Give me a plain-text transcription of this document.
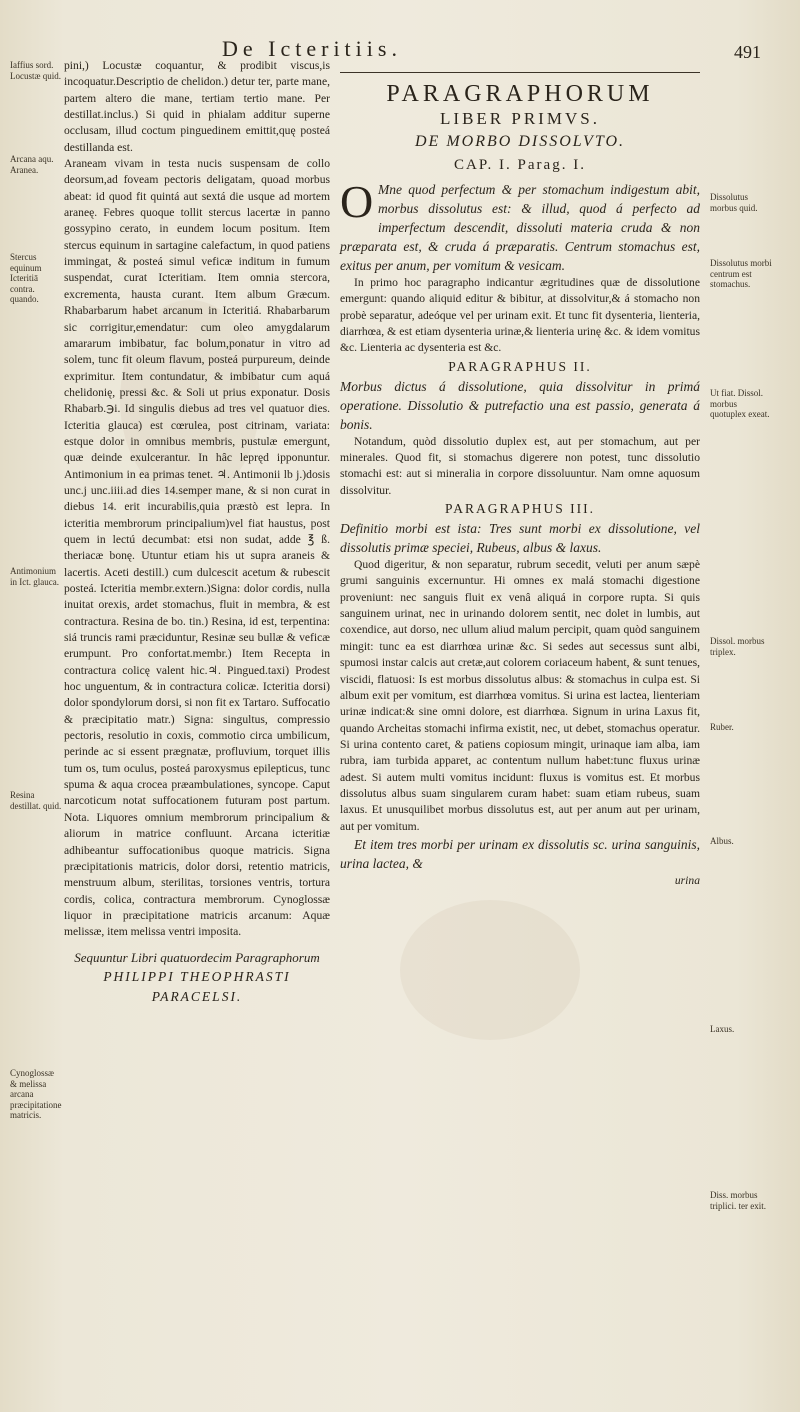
De Icteritiis.	491

pini,) Locustæ coquantur, & prodibit viscus,is incoquatur.Descriptio de chelidon.) detur ter, parte mane, partem altero die mane, tertiam tertio mane. Per destillat.inclus.) Si quid in phialam additur superne occlusam, illud coctum pinguedinem emittit,quę posteá destillanda est.

Araneam vivam in testa nucis suspensam de collo deorsum,ad foveam pectoris deligatam, quoad morbus abeat: id quod fit quintá aut sextá die usque ad mortem araneę. Febres quoque tollit stercus lacertæ in panno gossypino cerato, in eundem locum positum. Item stercus equinum in sartagine calefactum, in quod patiens immingat, & posteá simul veficæ inditum in fumum suspendat, curat Icteritiam. Item omnia stercora, excrementa, hausta curant. Item album Græcum. Rhabarbarum habet arcanum in Icteritiá. Rhabarbarum sic corrigitur,emendatur: cum oleo amygdalarum amararum imbibatur, fac bolum,ponatur in vitro ad solem, tunc fit oleum flavum, posteá purpureum, deinde exprimitur. Item contundatur, & imbibatur cum aquá chelidonię, pressi &c. & Soli ut prius exponatur. Dosis Rhabarb.℈i. Id singulis diebus ad tres vel quatuor dies. Icteritia glauca) est cœrulea, post citrinam, variata: estque dolor in omnibus membris, pustulæ emergunt, quæ deinde exulcerantur. In hâc lepręd ipponuntur. Antimonium in ea primas tenet. ♃. Antimonii lb j.)dosis unc.j unc.iiii.ad dies 14.semper mane, & si non curat in diebus 14. erit incurabilis,quia præstò est lepra. In icteritia membrorum principalium)vel fiat haustus, post quem in lectú decumbat: etsi non sudat, adde ℥ ß. theriacæ bonę. Utuntur etiam his ut supra araneis & lacertis. Aceti destill.) cum dulcescit acetum & rubescit posteá. Icteritia membr.extern.)Signa: dolor cordis, nulla inuitat orexis, ardet stomachus, fluit in membra, & est contractura. Resina de bo. tin.) Resina, id est, terpentina: siá truncis rami præciduntur, Resinæ seu bullæ & veficæ erumpunt. Pro confortat.membr.) Item Recepta in contractura colicę valent hic.♃. Pingued.taxi) Prodest hoc unguentum, & in contractura colicæ. Icteritia dorsi) dolor spondylorum dorsi, si non fit ex Tartaro. Suffocatio & præcipitatio matr.) Signa: singultus, compressio pectoris, resolutio in coxis, commotio circa umbilicum, perinde ac si essent prægnatæ, profluvium, torquet illis tum os, tum oculus, posteá paroxysmus epilepticus, tunc spuma & aqua crocea præambulationes, syncope. Caput narcoticum notat suffocationem futuram post partum. Nota. Liquores omnium membrorum principalium & aliorum in matrice confluunt. Arcana icteritiæ adhibeantur suffocationibus quoque matricis. Signa præcipitationis matricis, dolor dorsi, retentio matricis, menstruum album, sterilitas, torsiones ventris, tortura cordis, colica, contractura membrorum. Cynoglossæ liquor in præcipitatione matricis arcanum: Aquæ melissæ, item melissa ventri imposita.

Sequuntur Libri quatuordecim Paragraphorum
PHILIPPI THEOPHRASTI PARACELSI.
Iaffius sord. Locustæ quid.
Arcana aqu. Aranea.
Stercus equinum Icteritiā contra. quando.
Antimonium in Ict. glauca.
Resina destillat. quid.
Cynoglossæ & melissa arcana præcipitatione matricis.
PARAGRAPHORUM
LIBER PRIMVS.
DE MORBO DISSOLVTO.
CAP. I. Parag. I.

O Mne quod perfectum & per stomachum indigestum abit, morbus dissolutus est: & illud, quod á perfecto ad imperfectum descendit, dissoluti materia cruda & non præparata est, & cruda á præparatis. Centrum stomachus est, exitus per anum, per vomitum & vesicam.

In primo hoc paragrapho indicantur ægritudines quæ de dissolutione emergunt: quando aliquid editur & bibitur, at dissolvitur,& á stomacho non probè separatur, adeóque vel per urinam exit. Et tunc fit dysenteria, lienteria, diarrhœa, & est etiam dysenteria urinæ,& lienteria urinę &c. & idem vomitus &c. Lienteria ac dysenteria est &c.

PARAGRAPHUS II.

Morbus dictus á dissolutione, quia dissolvitur in primá operatione. Dissolutio & putrefactio una est passio, generata á bonis.

Notandum, quòd dissolutio duplex est, aut per stomachum, aut per minerales. Quod fit, si stomachus digerere non potest, tunc dissolutio stomachi est: aut si mineralia in corpore dissoluuntur. Nam omne aquosum dissolvitur.

PARAGRAPHUS III.

Definitio morbi est ista: Tres sunt morbi ex dissolutione, vel dissolutis primæ speciei, Rubeus, albus & laxus.

Quod digeritur, & non separatur, rubrum secedit, veluti per anum sæpè grumi sanguinis excernuntur. Hi omnes ex malá stomachi digestione proveniunt: nec sanguis fluit ex venâ aliquá in corpore rupta. Si quis sanguinem urinat, nec in urinando dolorem sentit, nec dolet in lumbis, aut coxendice, aut dorso, nec ullum aliud malum percipit, quam quòd sanguinem mingit: tunc ea est diarrhœa urinæ &c. Si sedes aut secessus sunt albi, spumosi instar calcis aut cretæ,aut colorem coriaceum habent, & sunt tenues, viscidi, flatuosi: Is est morbus dissolutus albus: & stomachus in culpa est. Si album exit per vomitum, est diarrhœa vomitus. Si urina est lactea, lienteriam urinæ indicat:& sine omni dolore, est diarrhœa. Signum in urina Laxus fit, quando Archeitas stomachi infirma existit, nec, ut debet, stomachus operatur. Si urina contento caret, & patiens copiosum mingit, urinaque iam alba, iam rubra, iam turbida apparet, ac contentum nullum habet:tunc fluxus urinæ adest. Si autem multi vomitus incidunt: fluxus is vomitus est. Et morbus dissolutus albus suam singularem curam habet: suam etiam rubeus, suam laxus. Et unusquilibet morbus dissolutus est, aut per anum aut per urinam, aut per vomitum.

Et item tres morbi per urinam ex dissolutis sc. urina sanguinis, urina lactea, &

urina
Dissolutus morbus quid.
Dissolutus morbi centrum est stomachus.
Ut fiat. Dissol. morbus quotuplex exeat.
Dissol. morbus triplex.
Ruber.
Albus.
Laxus.
Diss. morbus triplici. ter exit.
